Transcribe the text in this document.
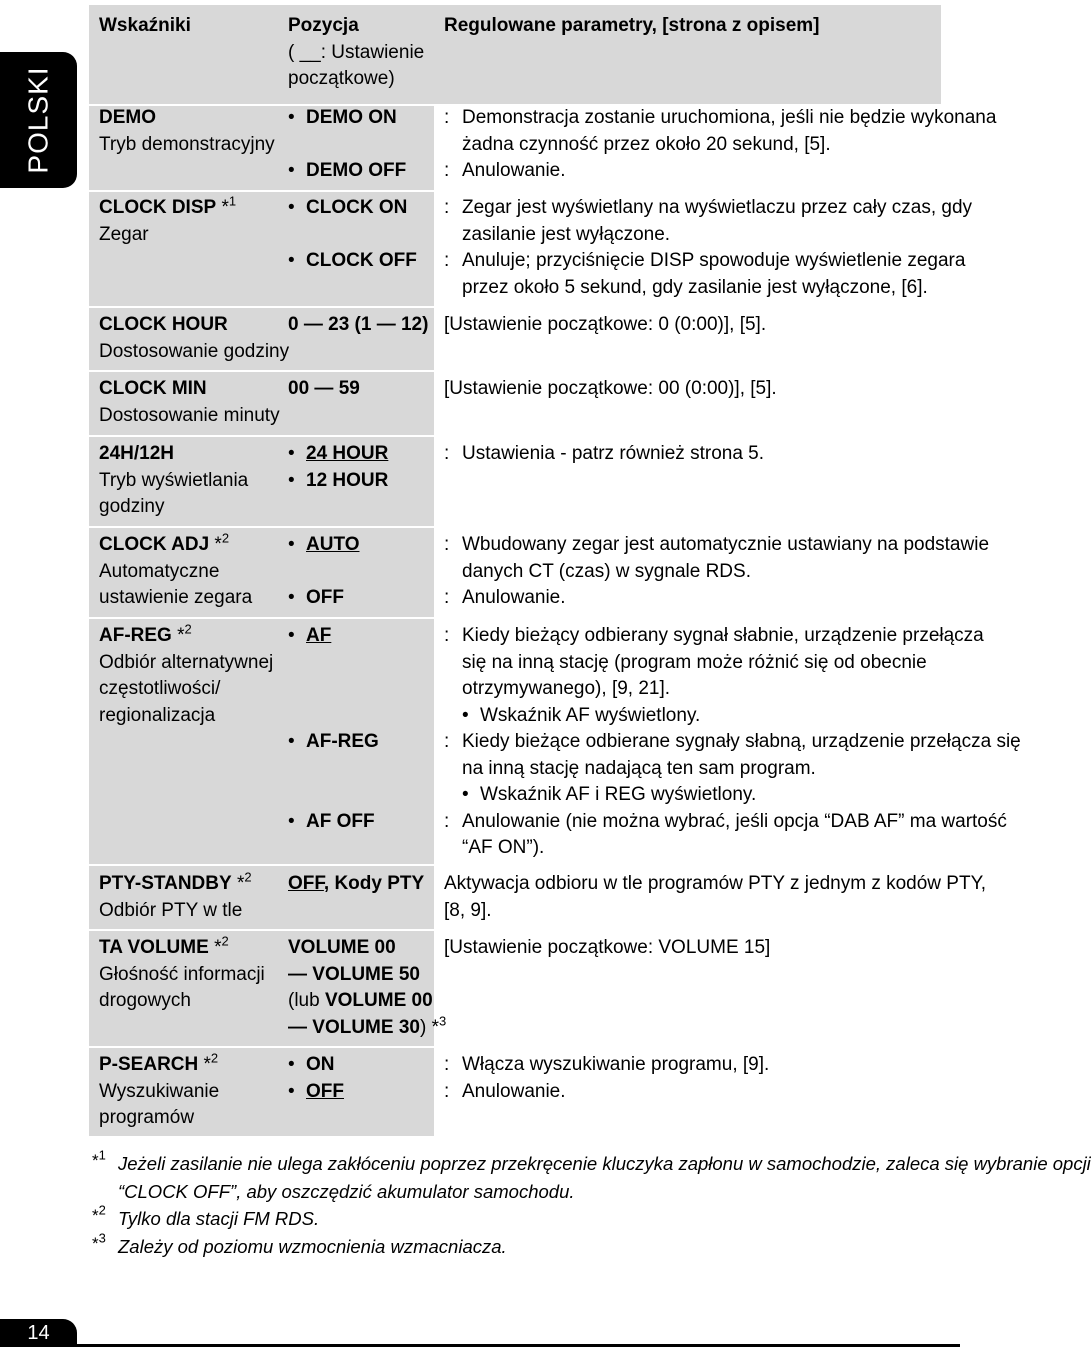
POLSKI
Wskaźniki	Pozycja
( __: Ustawienie
początkowe)
Regulowane parametry, [strona z opisem]
DEMO
Tryb demonstracyjny
• DEMO ON
• DEMO OFF
: Demonstracja zostanie uruchomiona, jeśli nie będzie wykonana
żadna czynność przez około 20 sekund, [5].
: Anulowanie.
CLOCK DISP *$^1$
Zegar
• CLOCK ON
• CLOCK OFF
: Zegar jest wyświetlany na wyświetlaczu przez cały czas, gdy
zasilanie jest wyłączone.
: Anuluje; przyciśnięcie DISP spowoduje wyświetlenie zegara
przez około 5 sekund, gdy zasilanie jest wyłączone, [6].
CLOCK HOUR
Dostosowanie godziny
0 — 23 (1 — 12) [Ustawienie początkowe: 0 (0:00)], [5].
CLOCK MIN
Dostosowanie minuty
00 — 59	[Ustawienie początkowe: 00 (0:00)], [5].
24H/12H
Tryb wyświetlania
godziny
• 24 HOUR
• 12 HOUR
: Ustawienia - patrz również strona 5.
CLOCK ADJ *$^2$
Automatyczne
ustawienie zegara
• AUTO
• OFF
: Wbudowany zegar jest automatycznie ustawiany na podstawie
danych CT (czas) w sygnale RDS.
: Anulowanie.
AF-REG *$^2$
Odbiór alternatywnej
częstotliwości/
regionalizacja
• AF
• AF-REG
• AF OFF
: Kiedy bieżący odbierany sygnał słabnie, urządzenie przełącza
się na inną stację (program może różnić się od obecnie
otrzymywanego), [9, 21].
• Wskaźnik AF wyświetlony.
: Kiedy bieżące odbierane sygnały słabną, urządzenie przełącza się
na inną stację nadającą ten sam program.
• Wskaźnik AF i REG wyświetlony.
: Anulowanie (nie można wybrać, jeśli opcja “DAB AF” ma wartość
“AF ON”).
PTY-STANDBY *$^2$
Odbiór PTY w tle
OFF, Kody PTY Aktywacja odbioru w tle programów PTY z jednym z kodów PTY,
[8, 9].
TA VOLUME *$^2$
Głośność informacji
drogowych
VOLUME 00
— VOLUME 50
(lub VOLUME 00
— VOLUME 30) *$^3$
[Ustawienie początkowe: VOLUME 15]
P-SEARCH *$^2$
Wyszukiwanie
programów
• ON
• OFF
: Włącza wyszukiwanie programu, [9].
: Anulowanie.
*$^1$ Jeżeli zasilanie nie ulega zakłóceniu poprzez przekręcenie kluczyka zapłonu w samochodzie, zaleca się wybranie opcji
“CLOCK OFF”, aby oszczędzić akumulator samochodu.
*$^2$ Tylko dla stacji FM RDS.
*$^3$ Zależy od poziomu wzmocnienia wzmacniacza.
14
